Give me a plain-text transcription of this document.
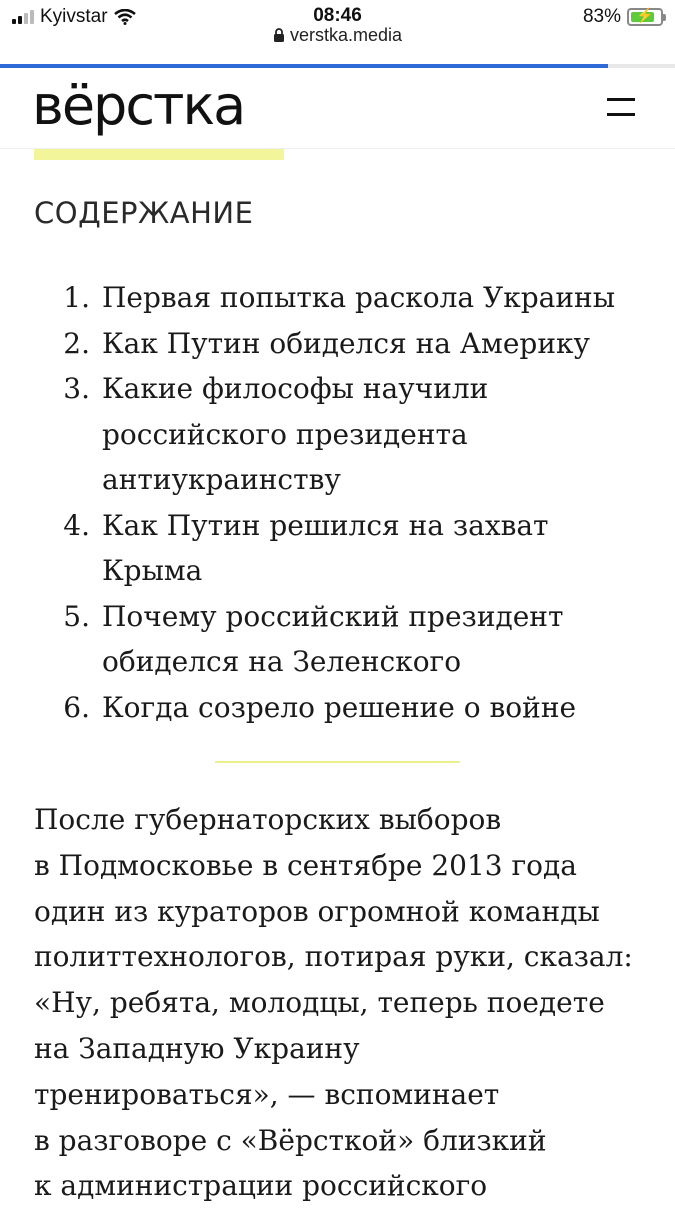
Kyivstar	08:46
verstka.media
83%	⚡
вёрстка
СОДЕРЖАНИЕ
1. Первая попытка раскола Украины
2. Как Путин обиделся на Америку
3. Какие философы научили
российского президента
антиукраинству
4. Как Путин решился на захват
Крыма
5. Почему российский президент
обиделся на Зеленского
6. Когда созрело решение о войне
После губернаторских выборов
в Подмосковье в сентябре 2013 года
один из кураторов огромной команды
политтехнологов, потирая руки, сказал:
«Ну, ребята, молодцы, теперь поедете
на Западную Украину
тренироваться», — вспоминает
в разговоре с «Вёрсткой» близкий
к администрации российского
